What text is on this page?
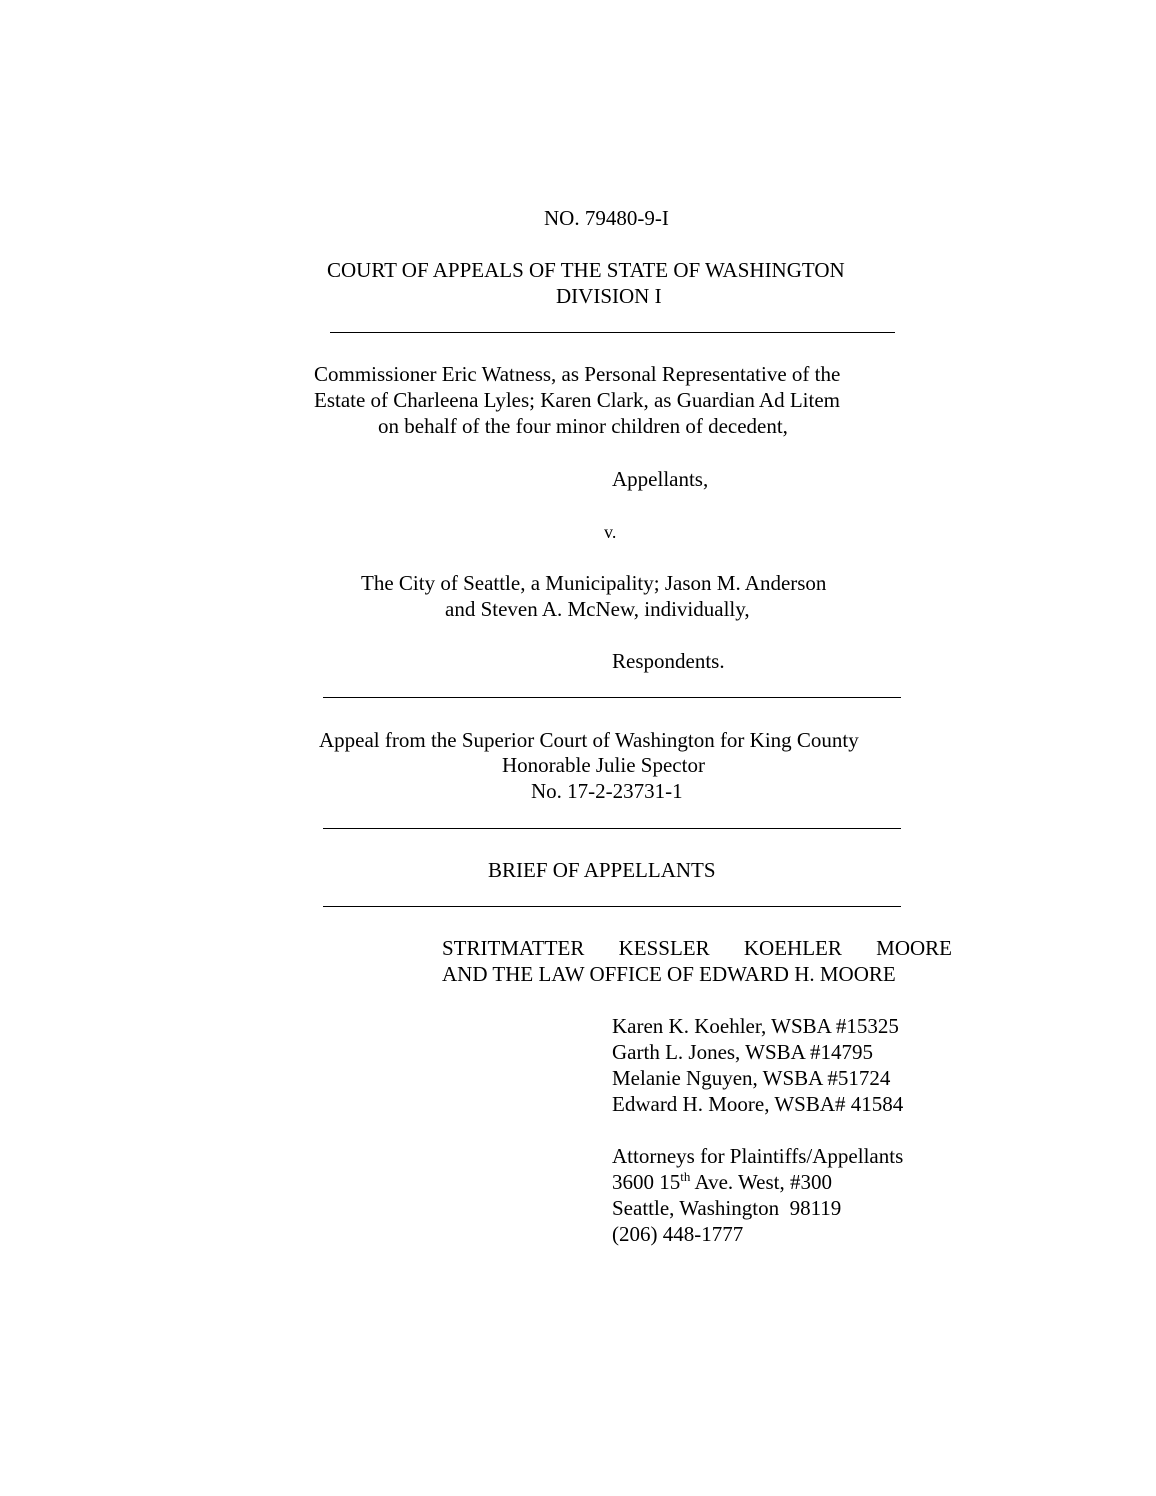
NO. 79480-9-I
COURT OF APPEALS OF THE STATE OF WASHINGTON
DIVISION I
Commissioner Eric Watness, as Personal Representative of the
Estate of Charleena Lyles; Karen Clark, as Guardian Ad Litem
on behalf of the four minor children of decedent,
Appellants,
v.
The City of Seattle, a Municipality; Jason M. Anderson
and Steven A. McNew, individually,
Respondents.
Appeal from the Superior Court of Washington for King County
Honorable Julie Spector
No. 17-2-23731-1
BRIEF OF APPELLANTS
STRITMATTER KESSLER KOEHLER MOORE
AND THE LAW OFFICE OF EDWARD H. MOORE
Karen K. Koehler, WSBA #15325
Garth L. Jones, WSBA #14795
Melanie Nguyen, WSBA #51724
Edward H. Moore, WSBA# 41584
Attorneys for Plaintiffs/Appellants
3600 15th Ave. West, #300
Seattle, Washington  98119
(206) 448-1777
